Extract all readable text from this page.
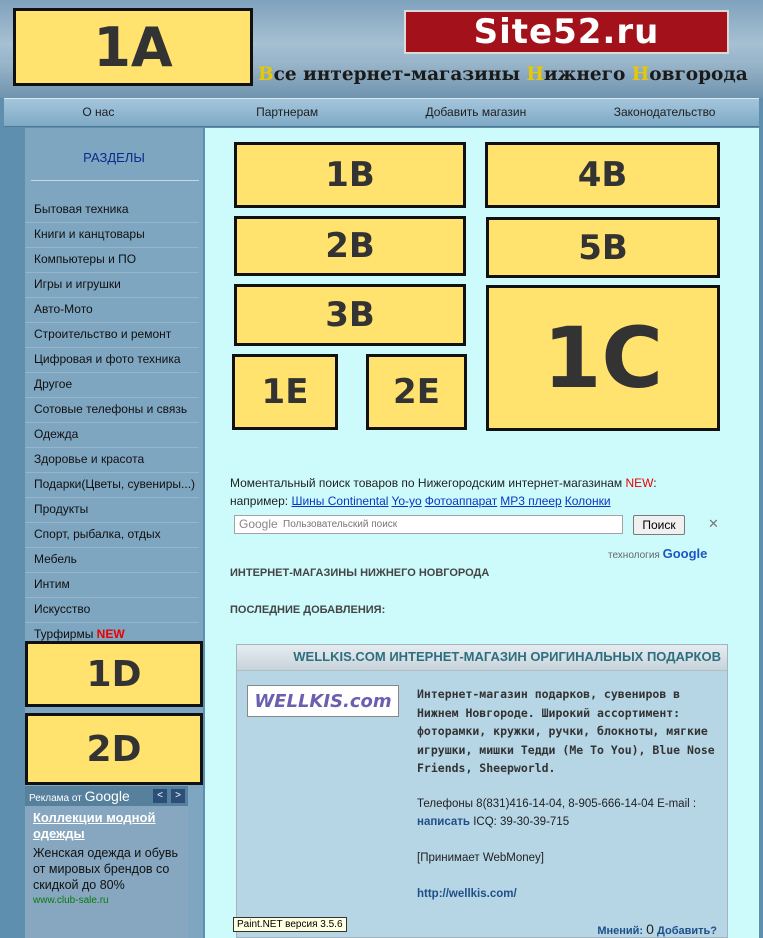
Site52.ru
Все интернет-магазины Нижнего Новгорода
1A
О нас	Партнерам	Добавить магазин	Законодательство
РАЗДЕЛЫ
Бытовая техника
Книги и канцтовары
Компьютеры и ПО
Игры и игрушки
Авто-Мото
Строительство и ремонт
Цифровая и фото техника
Другое
Сотовые телефоны и связь
Одежда
Здоровье и красота
Подарки(Цветы, сувениры...)
Продукты
Спорт, рыбалка, отдых
Мебель
Интим
Искусство
Турфирмы NEW
1D
2D
Реклама от Google	<	>
Коллекции модной одежды
Женская одежда и обувь от мировых брендов со скидкой до 80%
www.club-sale.ru
1B
2B
3B
4B
5B
1C
1E	2E
Моментальный поиск товаров по Нижегородским интернет-магазинам NEW:
например: Шины Continental Yo-yo Фотоаппарат MP3 плеер Колонки
Google Пользовательский поиск	Поиск	✕
технология Google
ИНТЕРНЕТ-МАГАЗИНЫ НИЖНЕГО НОВГОРОДА
ПОСЛЕДНИЕ ДОБАВЛЕНИЯ:
WELLKIS.COM ИНТЕРНЕТ-МАГАЗИН ОРИГИНАЛЬНЫХ ПОДАРКОВ
WELLKIS.com	Интернет-магазин подарков, сувениров в Нижнем Новгороде. Широкий ассортимент: фоторамки, кружки, ручки, блокноты, мягкие игрушки, мишки Тедди (Me To You), Blue Nose Friends, Sheepworld.
Телефоны 8(831)416-14-04, 8-905-666-14-04 E-mail :
написать ICQ: 39-30-39-715

[Принимает WebMoney]

http://wellkis.com/
Мнений: 0 Добавить?
Paint.NET версия 3.5.6
